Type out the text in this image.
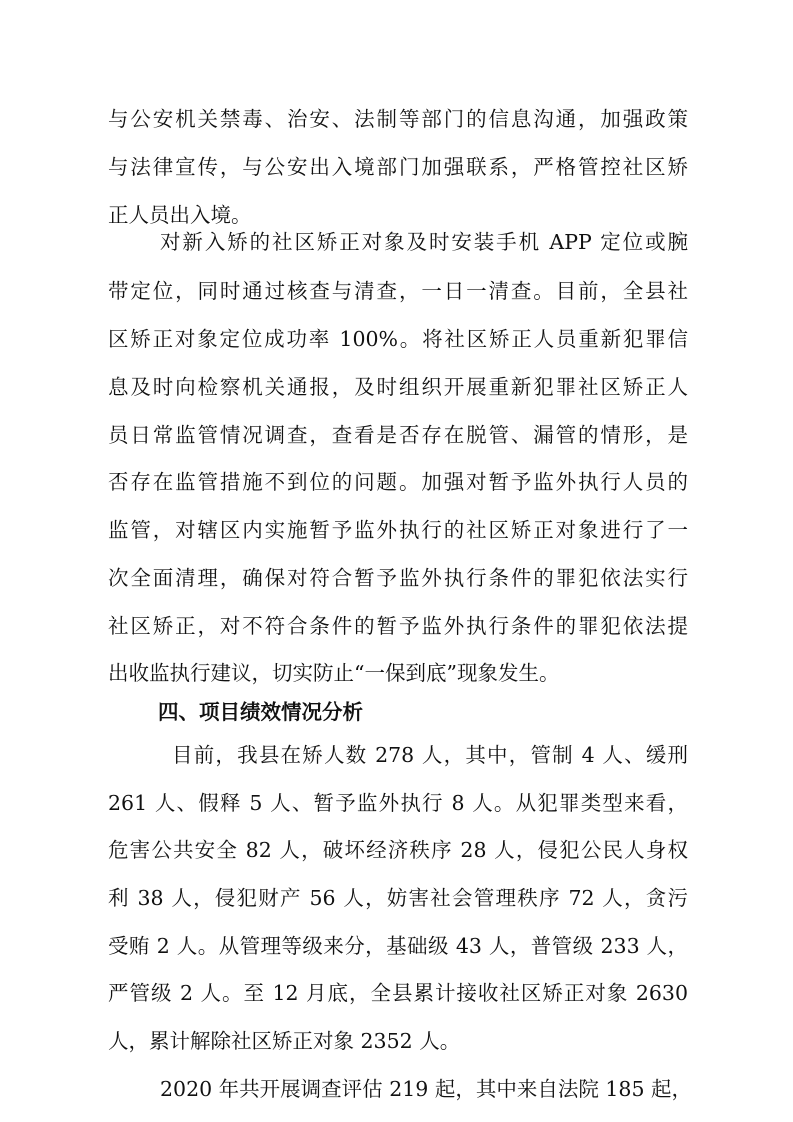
与公安机关禁毒、治安、法制等部门的信息沟通，加强政策
与法律宣传，与公安出入境部门加强联系，严格管控社区矫
正人员出入境。
对新入矫的社区矫正对象及时安装手机 APP 定位或腕
带定位，同时通过核查与清查，一日一清查。目前，全县社
区矫正对象定位成功率 100%。将社区矫正人员重新犯罪信
息及时向检察机关通报，及时组织开展重新犯罪社区矫正人
员日常监管情况调查，查看是否存在脱管、漏管的情形，是
否存在监管措施不到位的问题。加强对暂予监外执行人员的
监管，对辖区内实施暂予监外执行的社区矫正对象进行了一
次全面清理，确保对符合暂予监外执行条件的罪犯依法实行
社区矫正，对不符合条件的暂予监外执行条件的罪犯依法提
出收监执行建议，切实防止“一保到底”现象发生。
四、项目绩效情况分析
目前，我县在矫人数 278 人，其中，管制 4 人、缓刑
261 人、假释 5 人、暂予监外执行 8 人。从犯罪类型来看，
危害公共安全 82 人，破坏经济秩序 28 人，侵犯公民人身权
利 38 人，侵犯财产 56 人，妨害社会管理秩序 72 人，贪污
受贿 2 人。从管理等级来分，基础级 43 人，普管级 233 人，
严管级 2 人。至 12 月底，全县累计接收社区矫正对象 2630
人，累计解除社区矫正对象 2352 人。
2020 年共开展调查评估 219 起，其中来自法院 185 起，
